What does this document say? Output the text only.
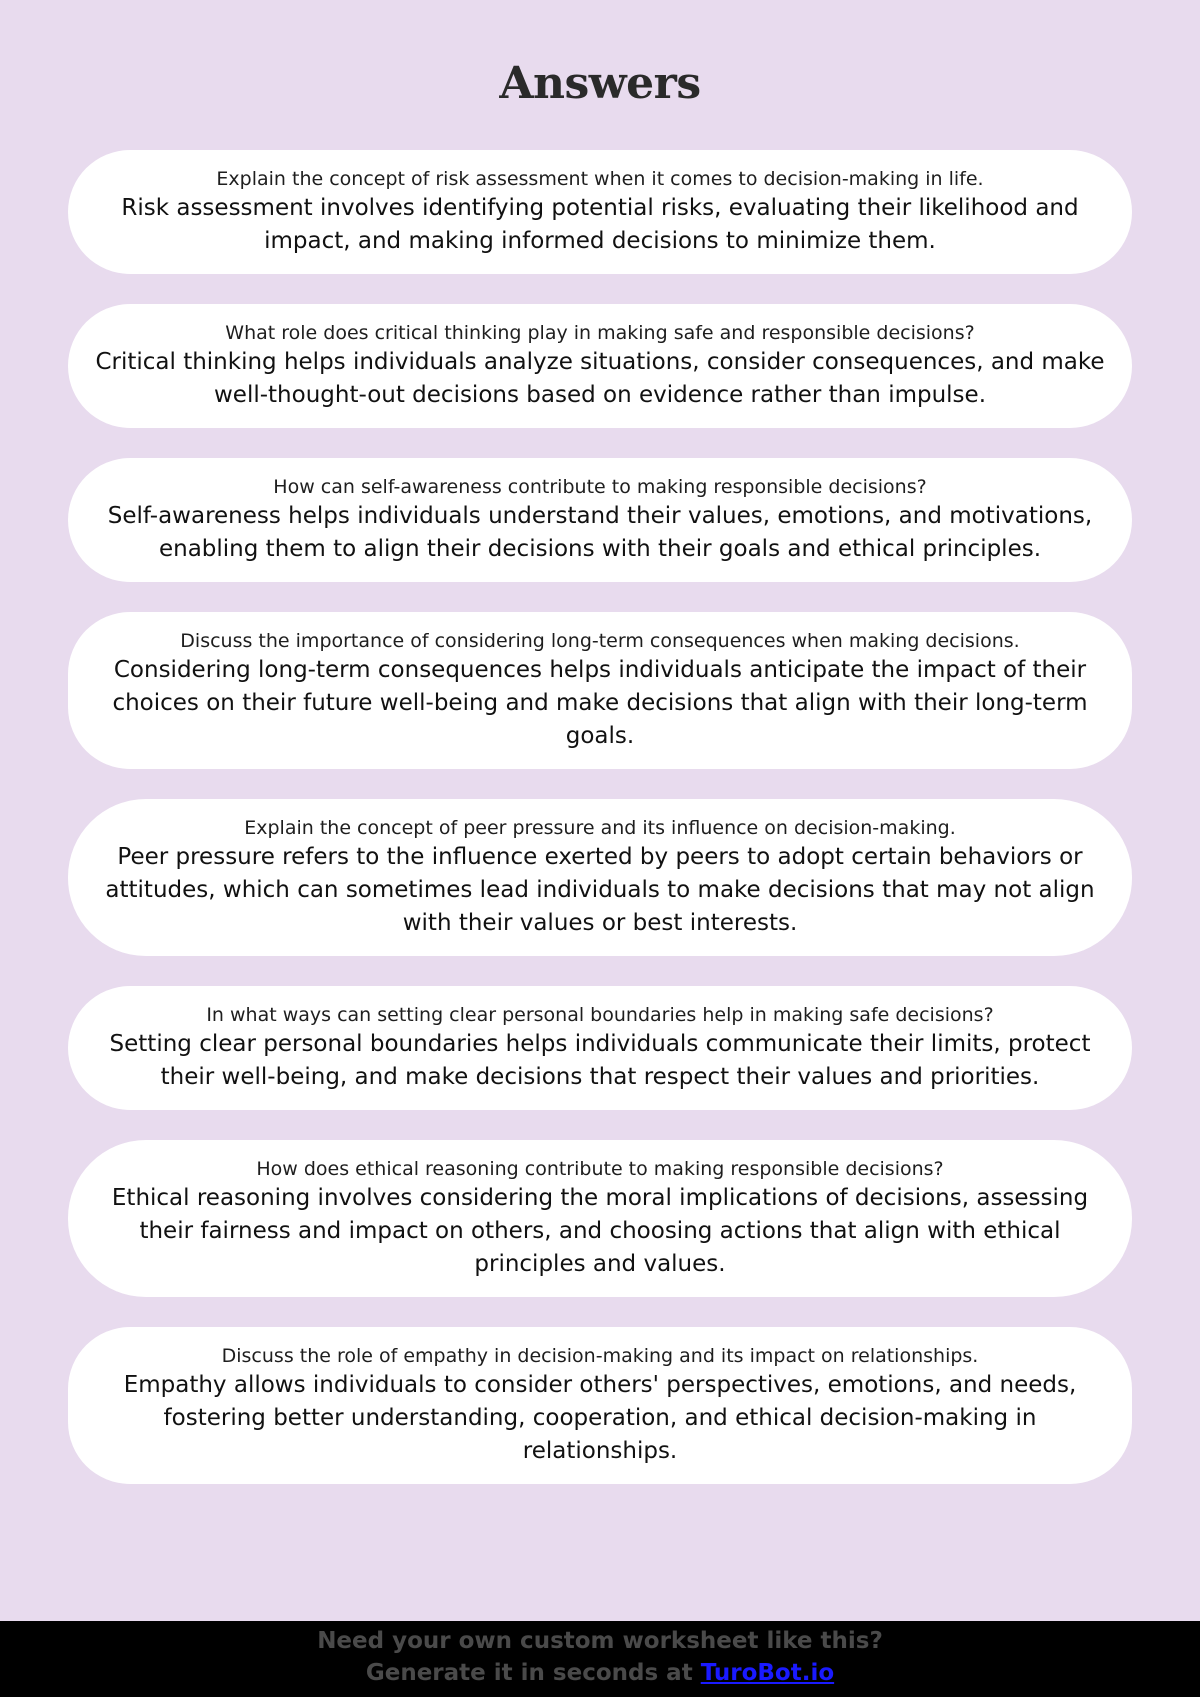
Answers
Explain the concept of risk assessment when it comes to decision-making in life.
Risk assessment involves identifying potential risks, evaluating their likelihood and impact, and making informed decisions to minimize them.
What role does critical thinking play in making safe and responsible decisions?
Critical thinking helps individuals analyze situations, consider consequences, and make well-thought-out decisions based on evidence rather than impulse.
How can self-awareness contribute to making responsible decisions?
Self-awareness helps individuals understand their values, emotions, and motivations, enabling them to align their decisions with their goals and ethical principles.
Discuss the importance of considering long-term consequences when making decisions.
Considering long-term consequences helps individuals anticipate the impact of their choices on their future well-being and make decisions that align with their long-term goals.
Explain the concept of peer pressure and its influence on decision-making.
Peer pressure refers to the influence exerted by peers to adopt certain behaviors or attitudes, which can sometimes lead individuals to make decisions that may not align with their values or best interests.
In what ways can setting clear personal boundaries help in making safe decisions?
Setting clear personal boundaries helps individuals communicate their limits, protect their well-being, and make decisions that respect their values and priorities.
How does ethical reasoning contribute to making responsible decisions?
Ethical reasoning involves considering the moral implications of decisions, assessing their fairness and impact on others, and choosing actions that align with ethical principles and values.
Discuss the role of empathy in decision-making and its impact on relationships.
Empathy allows individuals to consider others' perspectives, emotions, and needs, fostering better understanding, cooperation, and ethical decision-making in relationships.
Need your own custom worksheet like this?
Generate it in seconds at TuroBot.io
